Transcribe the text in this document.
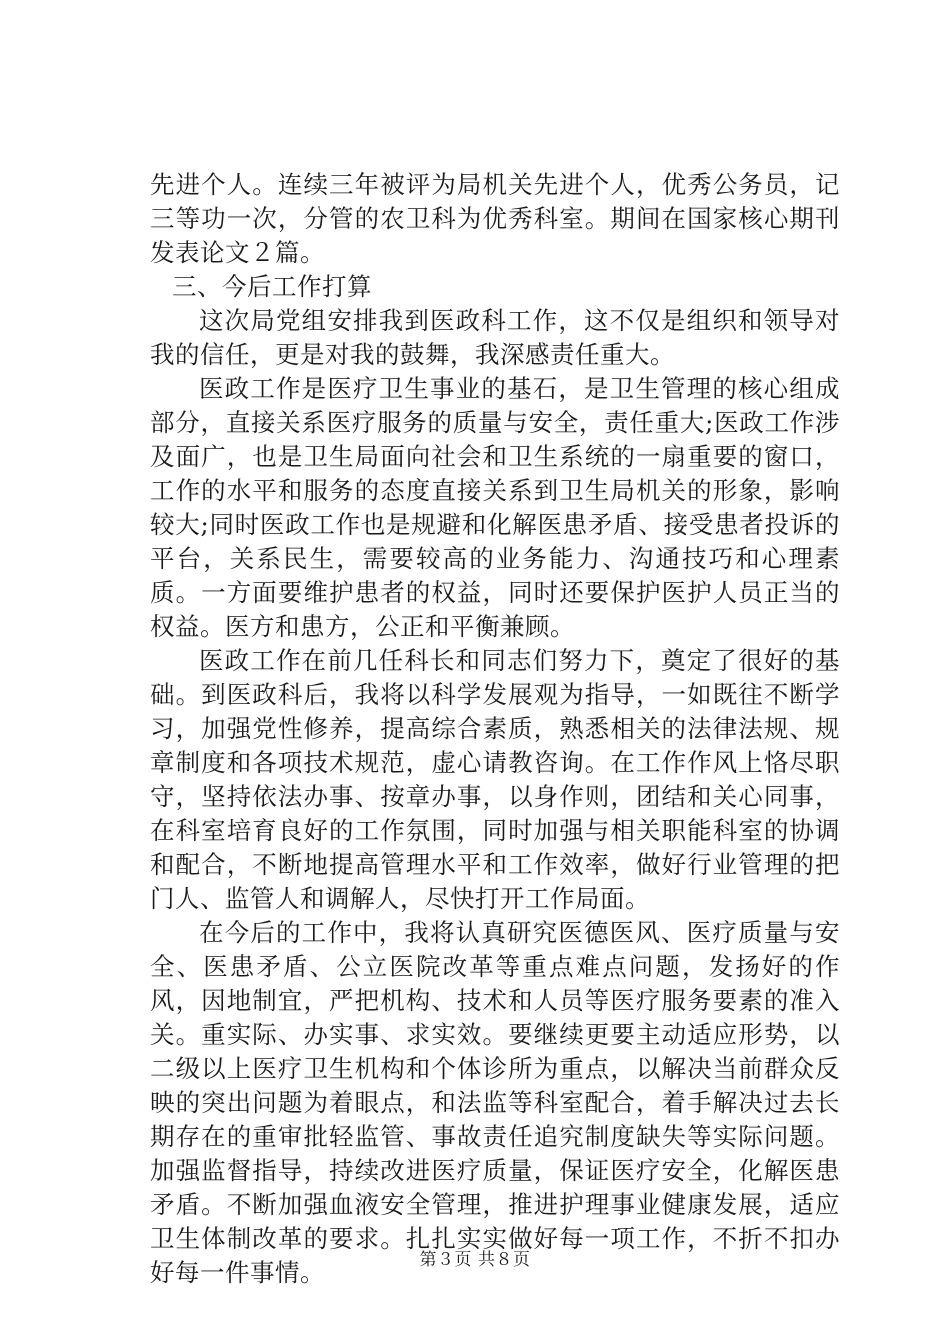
先进个人。连续三年被评为局机关先进个人，优秀公务员，记三等功一次，分管的农卫科为优秀科室。期间在国家核心期刊发表论文２篇。

三、今后工作打算

这次局党组安排我到医政科工作，这不仅是组织和领导对我的信任，更是对我的鼓舞，我深感责任重大。

医政工作是医疗卫生事业的基石，是卫生管理的核心组成部分，直接关系医疗服务的质量与安全，责任重大;医政工作涉及面广，也是卫生局面向社会和卫生系统的一扇重要的窗口，工作的水平和服务的态度直接关系到卫生局机关的形象，影响较大;同时医政工作也是规避和化解医患矛盾、接受患者投诉的平台，关系民生，需要较高的业务能力、沟通技巧和心理素质。一方面要维护患者的权益，同时还要保护医护人员正当的权益。医方和患方，公正和平衡兼顾。

医政工作在前几任科长和同志们努力下，奠定了很好的基础。到医政科后，我将以科学发展观为指导，一如既往不断学习，加强党性修养，提高综合素质，熟悉相关的法律法规、规章制度和各项技术规范，虚心请教咨询。在工作作风上恪尽职守，坚持依法办事、按章办事，以身作则，团结和关心同事，在科室培育良好的工作氛围，同时加强与相关职能科室的协调和配合，不断地提高管理水平和工作效率，做好行业管理的把门人、监管人和调解人，尽快打开工作局面。

在今后的工作中，我将认真研究医德医风、医疗质量与安全、医患矛盾、公立医院改革等重点难点问题，发扬好的作风，因地制宜，严把机构、技术和人员等医疗服务要素的准入关。重实际、办实事、求实效。要继续更要主动适应形势，以二级以上医疗卫生机构和个体诊所为重点，以解决当前群众反映的突出问题为着眼点，和法监等科室配合，着手解决过去长期存在的重审批轻监管、事故责任追究制度缺失等实际问题。加强监督指导，持续改进医疗质量，保证医疗安全，化解医患矛盾。不断加强血液安全管理，推进护理事业健康发展，适应卫生体制改革的要求。扎扎实实做好每一项工作，不折不扣办好每一件事情。	第３页 共８页
